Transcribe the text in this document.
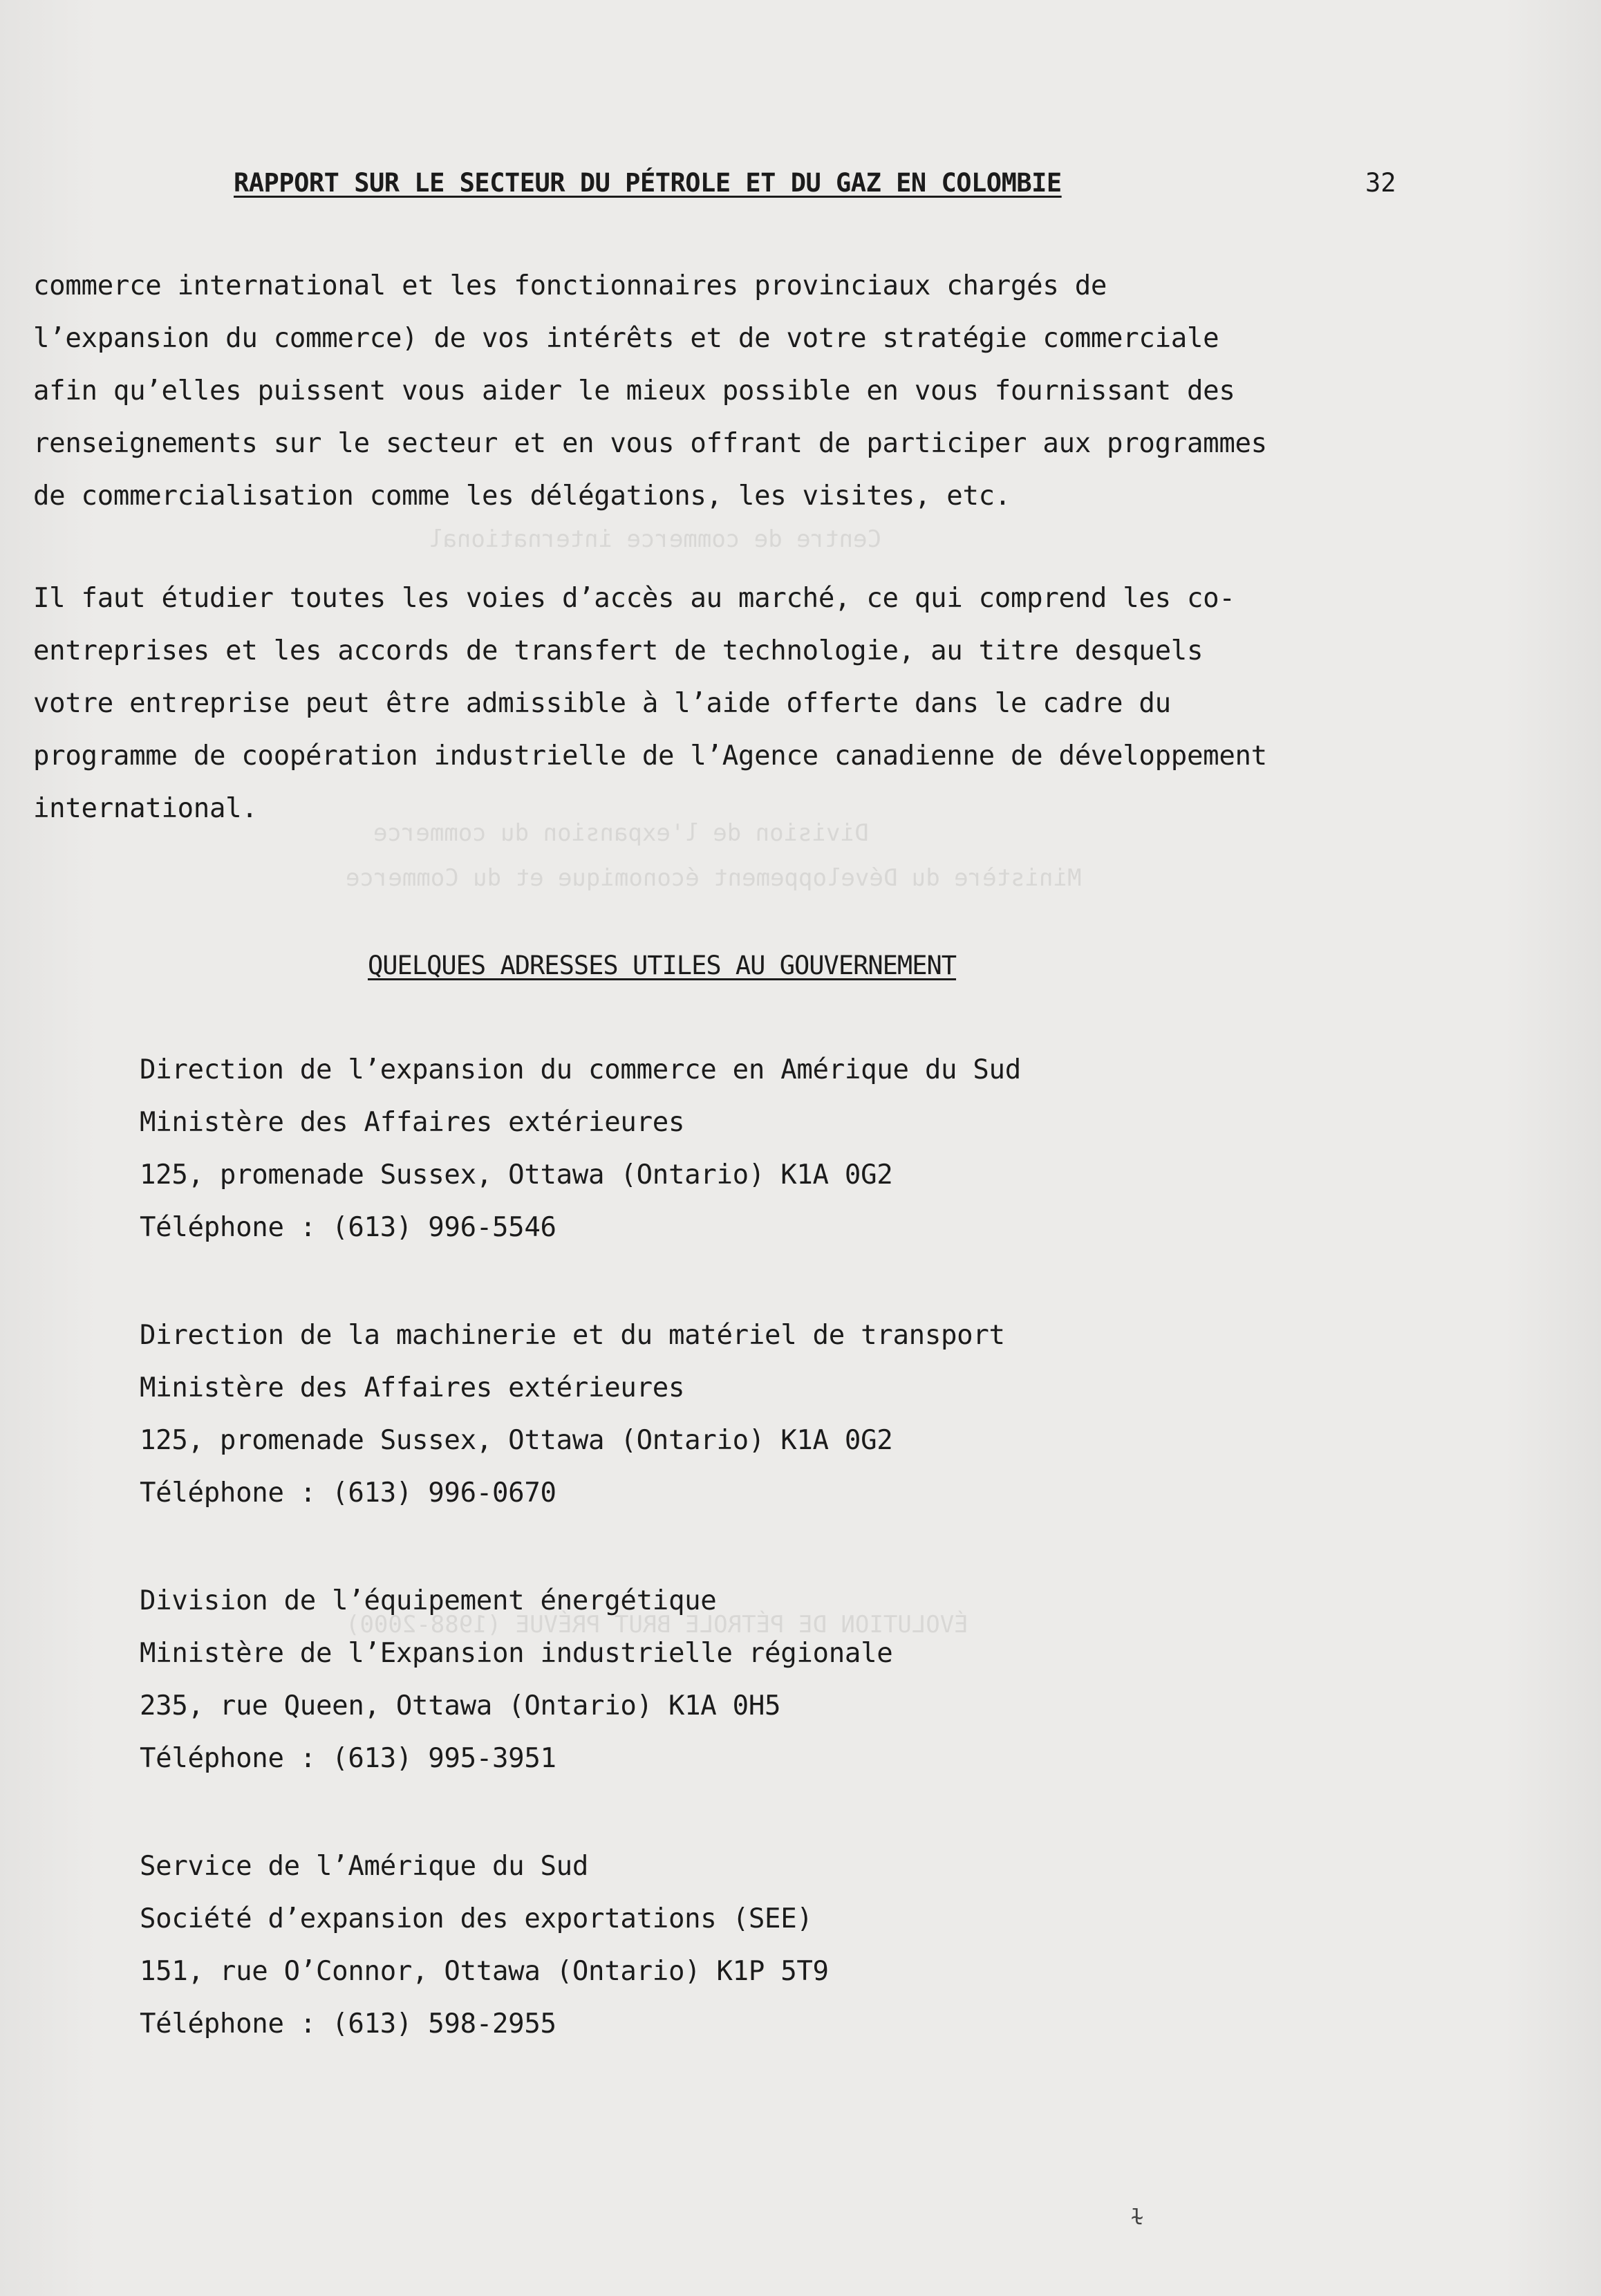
Centre de commerce international
Division de l'expansion du commerce
Ministère du Développement économique et du Commerce
ÉVOLUTION DE PÉTROLE BRUT PRÉVUE (1988-2000)
RAPPORT SUR LE SECTEUR DU PÉTROLE ET DU GAZ EN COLOMBIE	32
commerce international et les fonctionnaires provinciaux chargés de
l’expansion du commerce) de vos intérêts et de votre stratégie commerciale
afin qu’elles puissent vous aider le mieux possible en vous fournissant des
renseignements sur le secteur et en vous offrant de participer aux programmes
de commercialisation comme les délégations, les visites, etc.
Il faut étudier toutes les voies d’accès au marché, ce qui comprend les co-
entreprises et les accords de transfert de technologie, au titre desquels
votre entreprise peut être admissible à l’aide offerte dans le cadre du
programme de coopération industrielle de l’Agence canadienne de développement
international.
QUELQUES ADRESSES UTILES AU GOUVERNEMENT
Direction de l’expansion du commerce en Amérique du Sud
Ministère des Affaires extérieures
125, promenade Sussex, Ottawa (Ontario) K1A 0G2
Téléphone : (613) 996-5546
Direction de la machinerie et du matériel de transport
Ministère des Affaires extérieures
125, promenade Sussex, Ottawa (Ontario) K1A 0G2
Téléphone : (613) 996-0670
Division de l’équipement énergétique
Ministère de l’Expansion industrielle régionale
235, rue Queen, Ottawa (Ontario) K1A 0H5
Téléphone : (613) 995-3951
Service de l’Amérique du Sud
Société d’expansion des exportations (SEE)
151, rue O’Connor, Ottawa (Ontario) K1P 5T9
Téléphone : (613) 598-2955
ɫ
